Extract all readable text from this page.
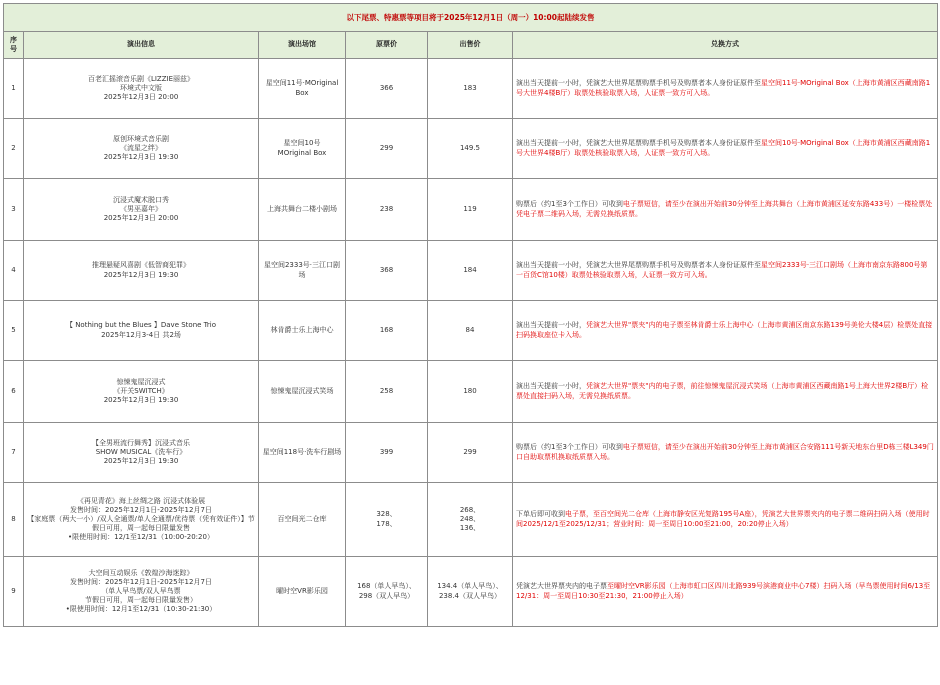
以下尾票、特惠票等项目将于2025年12月1日（周一）10:00起陆续发售					
序号	演出信息	演出场馆	原票价	出售价	兑换方式
1	百老汇摇滚音乐剧《LIZZIE丽兹》
环境式中文版
2025年12月3日 20:00	星空间11号·MOriginal Box	366	183	演出当天提前一小时，凭演艺大世界尾票购票手机号及购票者本人身份证原件至星空间11号·MOriginal Box（上海市黄浦区西藏南路1号大世界4楼B厅）取票处核验取票入场，人证票一致方可入场。
2	原创环境式音乐剧
《流星之绊》
2025年12月3日 19:30	星空间10号
MOriginal Box	299	149.5	演出当天提前一小时，凭演艺大世界尾票购票手机号及购票者本人身份证原件至星空间10号·MOriginal Box（上海市黄浦区西藏南路1号大世界4楼B厅）取票处核验取票入场，人证票一致方可入场。
3	沉浸式魔术脱口秀
《男巫嘉年》
2025年12月3日 20:00	上海共舞台二楼小剧场	238	119	购票后（约1至3个工作日）可收到电子票短信，请至少在演出开始前30分钟至上海共舞台（上海市黄浦区延安东路433号）一楼检票处凭电子票二维码入场，无需兑换纸质票。
4	推理悬疑风喜剧《低智商犯罪》
2025年12月3日 19:30	星空间2333号·三江口剧场	368	184	演出当天提前一小时，凭演艺大世界尾票购票手机号及购票者本人身份证原件至星空间2333号·三江口剧场（上海市南京东路800号第一百货C馆10楼）取票处核验取票入场，人证票一致方可入场。
5	【 Nothing but the Blues 】Dave Stone Trio
2025年12月3-4日 共2场	林肯爵士乐上海中心	168	84	演出当天提前一小时，凭演艺大世界"票夹"内的电子票至林肯爵士乐上海中心（上海市黄浦区南京东路139号美伦大楼4层）检票处直接扫码换取座位卡入场。
6	惊悚鬼屋沉浸式
《开关SWITCH》
2025年12月3日 19:30	惊悚鬼屋沉浸式笑场	258	180	演出当天提前一小时，凭演艺大世界"票夹"内的电子票，前往惊悚鬼屋沉浸式笑场（上海市黄浦区西藏南路1号上海大世界2楼B厅）检票处直接扫码入场，无需兑换纸质票。
7	【全男班流行舞秀】沉浸式音乐
SHOW MUSICAL《洗车行》
2025年12月3日 19:30	星空间118号·洗车行剧场	399	299	购票后（约1至3个工作日）可收到电子票短信，请至少在演出开始前30分钟至上海市黄浦区合安路111号新天地东台里D栋三楼L349门口自助取票机换取纸质票入场。
8	《再见青花》海上丝绸之路 沉浸式体验展
发售时间：2025年12月1日-2025年12月7日
【家庭票（两大一小）/双人全通票/单人全通票/优待票（凭有效证件）】节假日可用，周一起每日限量发售
•限使用时间：12/1至12/31（10:00-20:20）	百空间光二仓库	328、
178、	268、
248、
136、	下单后即可收到电子票，至百空间光二仓库（上海市静安区光复路195号A座），凭演艺大世界票夹内的电子票二维码扫码入场（使用时间2025/12/1至2025/12/31；营业时间：周一至周日10:00至21:00，20:20停止入场）
9	大空间互动娱乐《敦煌沙海迷踪》
发售时间：2025年12月1日-2025年12月7日
（单人早鸟票/双人早鸟票
节假日可用，周一起每日限量发售）
•限使用时间：12月1至12/31（10:30-21:30）	曜时空VR影乐园	168（单人早鸟）、
298（双人早鸟）	134.4（单人早鸟）、
238.4（双人早鸟）	凭演艺大世界票夹内的电子票至曜时空VR影乐园（上海市虹口区四川北路939号滨港商业中心7楼）扫码入场（早鸟票使用时间6/13至12/31：周一至周日10:30至21:30，21:00停止入场）
